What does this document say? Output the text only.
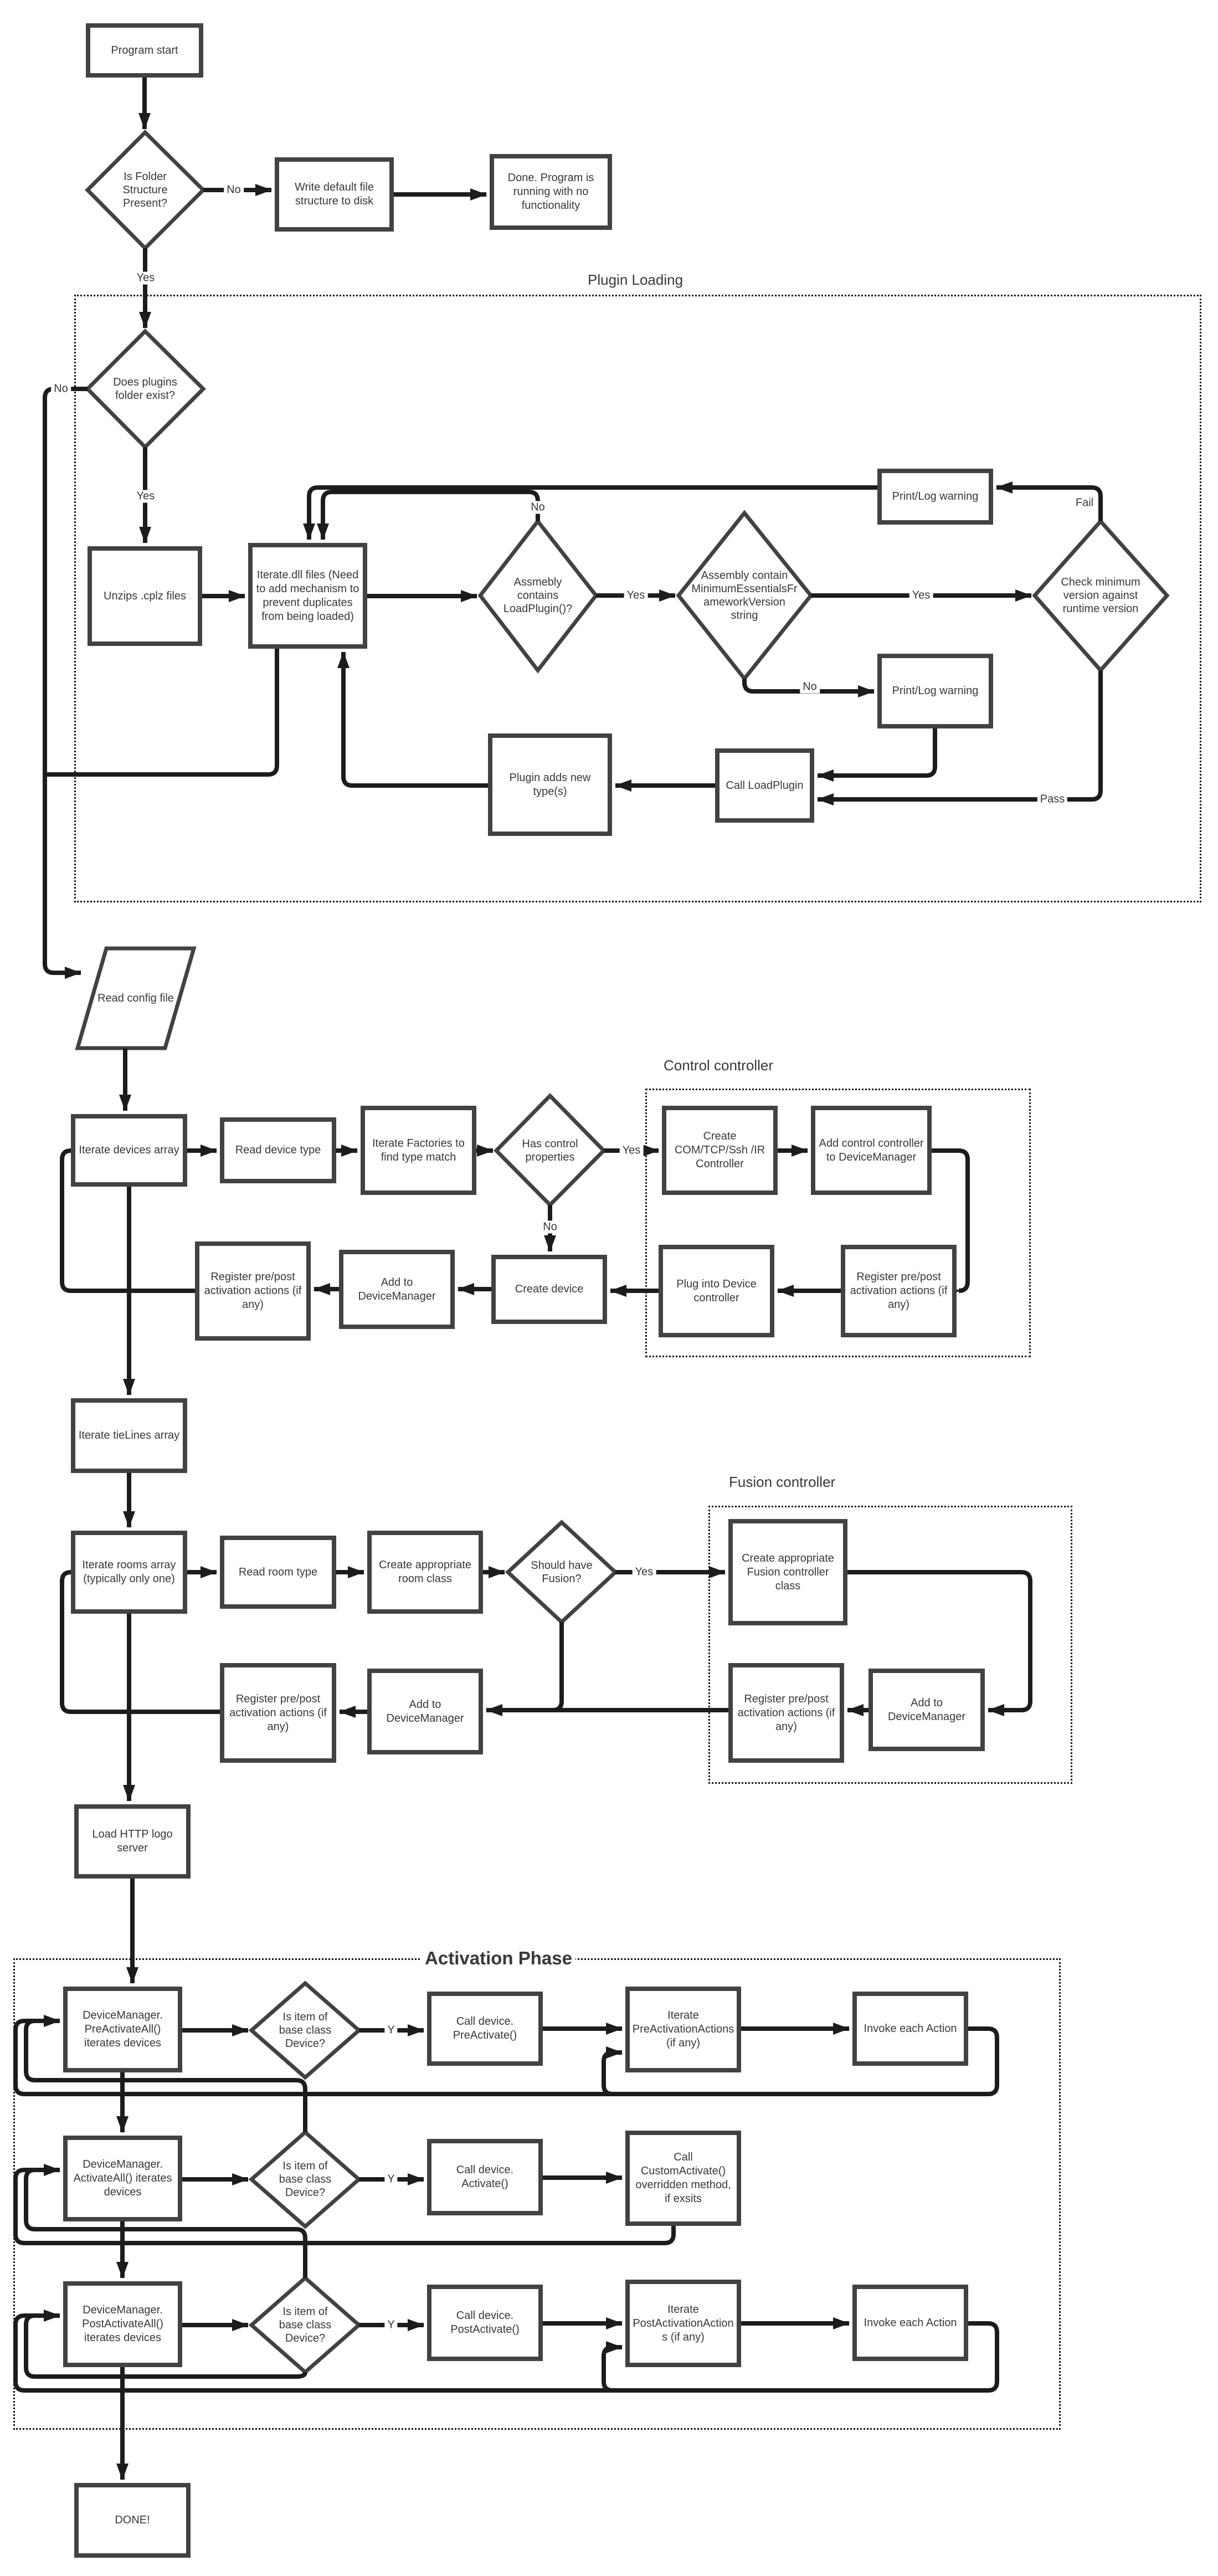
Program start
Write default file structure to disk
Done. Program is running with no functionality
Unzips .cplz files
Iterate.dll files (Need to add mechanism to prevent duplicates from being loaded)
Print/Log warning
Print/Log warning
Call LoadPlugin
Plugin adds new type(s)
Iterate devices array	Read device type
Iterate Factories to find type match
Create COM/TCP/Ssh /IR Controller
Add control controller to DeviceManager
Register pre/post activation actions (if any)
Plug into Device controller
Create device
Add to DeviceManager
Register pre/post activation actions (if any)
Iterate tieLines array
Iterate rooms array (typically only one)
Read room type
Create appropriate room class
Create appropriate Fusion controller class
Add to DeviceManager
Register pre/post activation actions (if any)
Add to DeviceManager
Register pre/post activation actions (if any)
Load HTTP logo server
DeviceManager. PreActivateAll() iterates devices
Call device. PreActivate()
Iterate PreActivationActions (if any)
Invoke each Action
DeviceManager. ActivateAll() iterates devices
Call device. Activate()
Call CustomActivate() overridden method, if exsits
DeviceManager. PostActivateAll() iterates devices
Call device. PostActivate()
Iterate PostActivationActions (if any)
Invoke each Action
DONE!
Is Folder Structure Present?
Does plugins folder exist?
Assmebly contains LoadPlugin()?
Assembly contain MinimumEssentialsFrameworkVersion string
Check minimum version against runtime version
Has control properties
Should have Fusion?
Is item of base class Device?
Is item of base class Device?
Is item of base class Device?
Read config file
No
Yes
No
Yes
No
Yes	Yes
No
Fail
Pass
Yes
No
Yes
Y
Y
Y
Plugin Loading
Control controller
Fusion controller
Activation Phase
